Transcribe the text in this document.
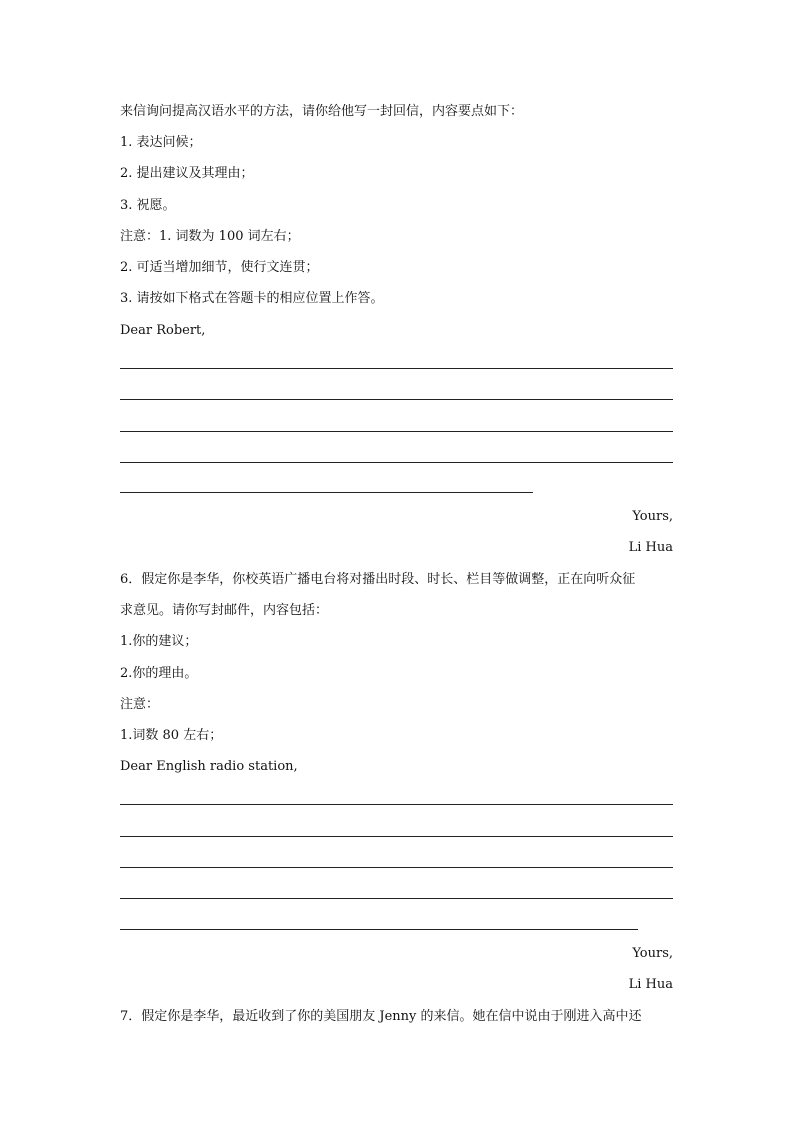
来信询问提高汉语水平的方法，请你给他写一封回信，内容要点如下：
1. 表达问候；
2. 提出建议及其理由；
3. 祝愿。
注意：1. 词数为 100 词左右；
2. 可适当增加细节，使行文连贯；
3. 请按如下格式在答题卡的相应位置上作答。
Dear Robert,
Yours,
Li Hua
6．假定你是李华，你校英语广播电台将对播出时段、时长、栏目等做调整，正在向听众征
求意见。请你写封邮件，内容包括：
1.你的建议；
2.你的理由。
注意：
1.词数 80 左右；
Dear English radio station,
Yours,
Li Hua
7．假定你是李华，最近收到了你的美国朋友 Jenny 的来信。她在信中说由于刚进入高中还
